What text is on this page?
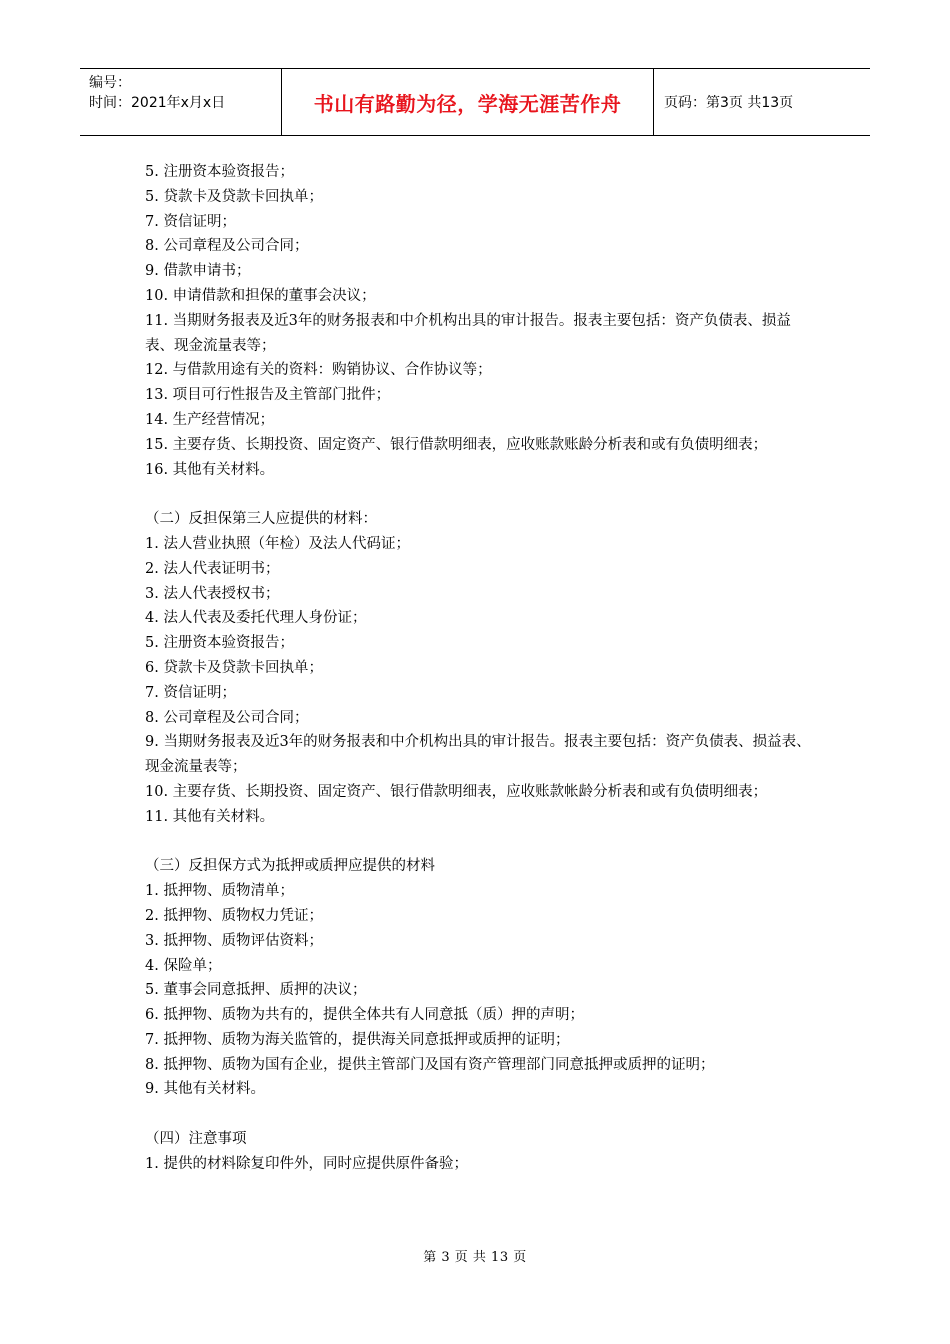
编号：
时间：2021年x月x日	书山有路勤为径，学海无涯苦作舟	页码：第3页 共13页

5. 注册资本验资报告；

5. 贷款卡及贷款卡回执单；

7. 资信证明；

8. 公司章程及公司合同；

9. 借款申请书；

10. 申请借款和担保的董事会决议；

11. 当期财务报表及近3年的财务报表和中介机构出具的审计报告。报表主要包括：资产负债表、损益表、现金流量表等；

12. 与借款用途有关的资料：购销协议、合作协议等；

13. 项目可行性报告及主管部门批件；

14. 生产经营情况；

15. 主要存货、长期投资、固定资产、银行借款明细表，应收账款账龄分析表和或有负债明细表；

16. 其他有关材料。

（二）反担保第三人应提供的材料：

1. 法人营业执照（年检）及法人代码证；

2. 法人代表证明书；

3. 法人代表授权书；

4. 法人代表及委托代理人身份证；

5. 注册资本验资报告；

6. 贷款卡及贷款卡回执单；

7. 资信证明；

8. 公司章程及公司合同；

9. 当期财务报表及近3年的财务报表和中介机构出具的审计报告。报表主要包括：资产负债表、损益表、现金流量表等；

10. 主要存货、长期投资、固定资产、银行借款明细表，应收账款帐龄分析表和或有负债明细表；

11. 其他有关材料。

（三）反担保方式为抵押或质押应提供的材料

1. 抵押物、质物清单；

2. 抵押物、质物权力凭证；

3. 抵押物、质物评估资料；

4. 保险单；

5. 董事会同意抵押、质押的决议；

6. 抵押物、质物为共有的，提供全体共有人同意抵（质）押的声明；

7. 抵押物、质物为海关监管的，提供海关同意抵押或质押的证明；

8. 抵押物、质物为国有企业，提供主管部门及国有资产管理部门同意抵押或质押的证明；

9. 其他有关材料。

（四）注意事项

1. 提供的材料除复印件外，同时应提供原件备验；

第 3 页 共 13 页
